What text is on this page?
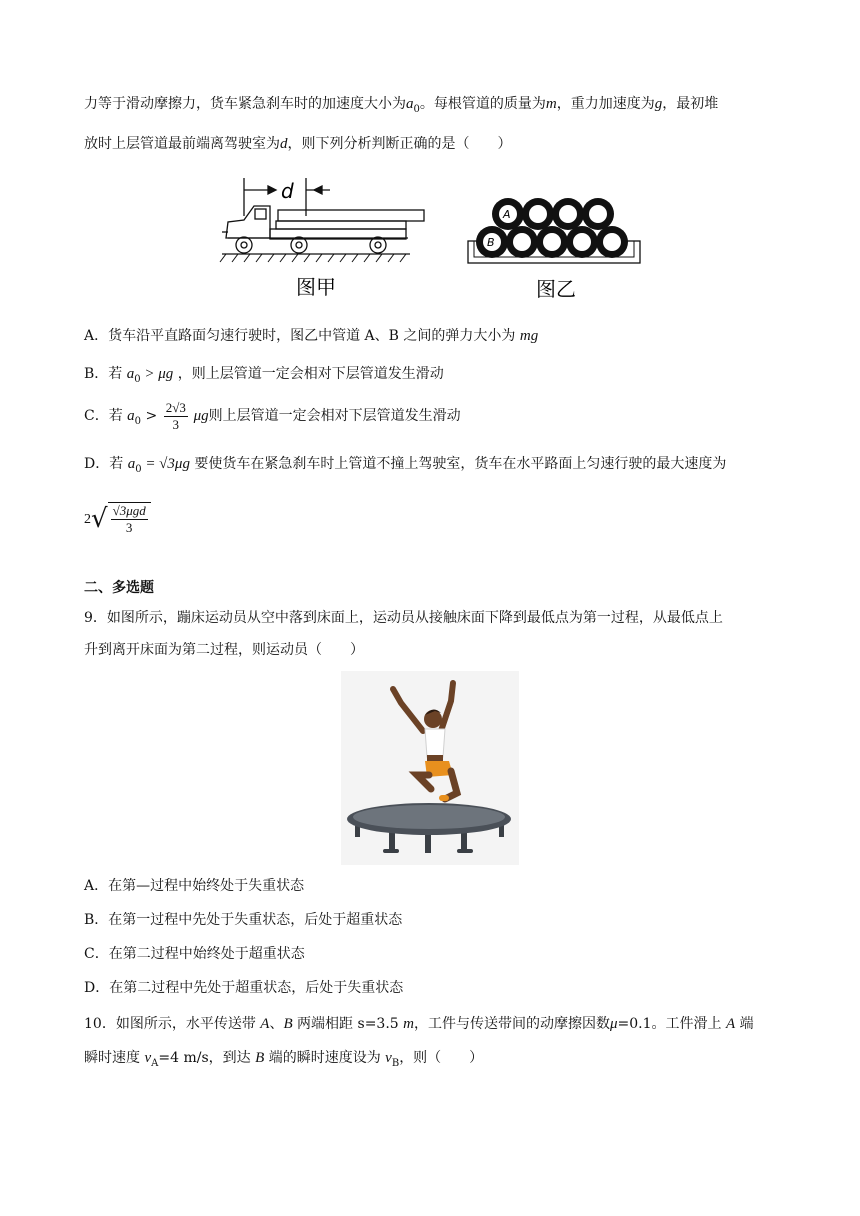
力等于滑动摩擦力，货车紧急刹车时的加速度大小为$a_0$。每根管道的质量为m，重力加速度为g，最初堆
放时上层管道最前端离驾驶室为d，则下列分析判断正确的是（　　）
d
图甲
A
B
图乙
A．货车沿平直路面匀速行驶时，图乙中管道 A、B 之间的弹力大小为 mg
B．若 $a_0 > \mu g$ ，则上层管道一定会相对下层管道发生滑动
C．若 $a_0 > \frac{2√3}{3}$ μg则上层管道一定会相对下层管道发生滑动
D．若 $a_0 = √3\mu g$ 要使货车在紧急刹车时上管道不撞上驾驶室，货车在水平路面上匀速行驶的最大速度为
$2√ \frac{\text{√3μgd}}{3}$
二、多选题
9．如图所示，蹦床运动员从空中落到床面上，运动员从接触床面下降到最低点为第一过程，从最低点上
升到离开床面为第二过程，则运动员（　　）
A．在第—过程中始终处于失重状态
B．在第一过程中先处于失重状态，后处于超重状态
C．在第二过程中始终处于超重状态
D．在第二过程中先处于超重状态，后处于失重状态
10．如图所示，水平传送带 A、B 两端相距 s=3.5 m，工件与传送带间的动摩擦因数μ=0.1。工件滑上 A 端
瞬时速度 $v_A=4$ m/s，到达 B 端的瞬时速度设为 $v_B$，则（　　）
